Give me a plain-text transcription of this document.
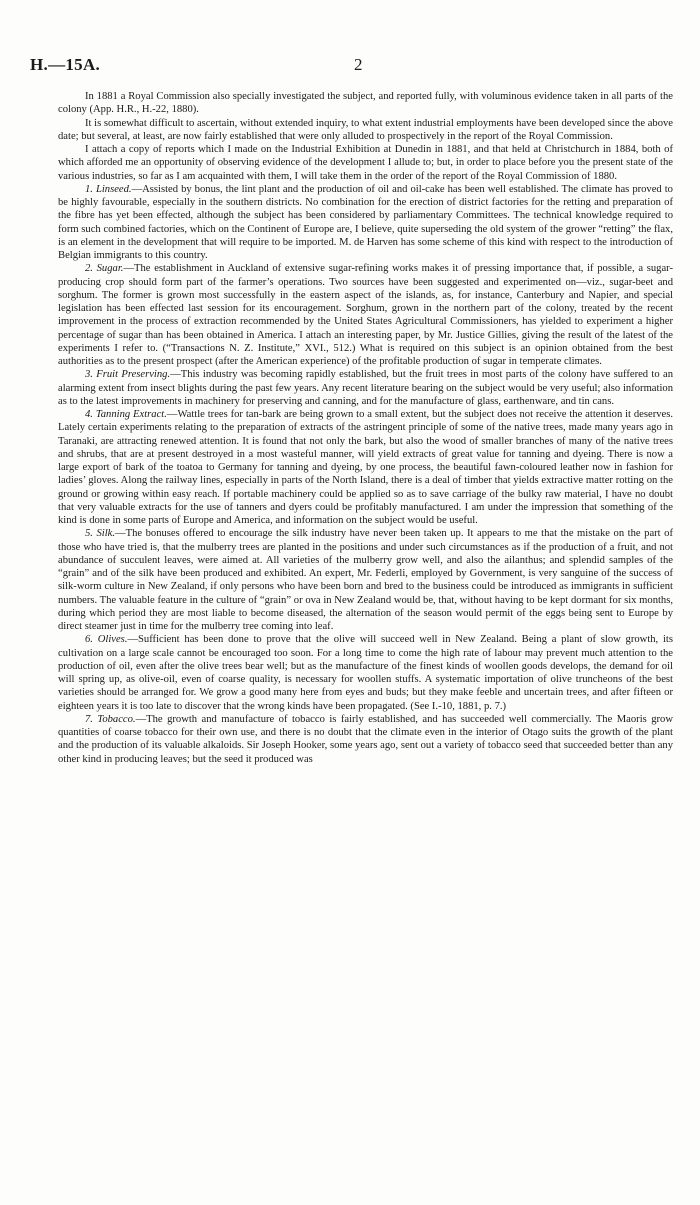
H.—15A.	2

In 1881 a Royal Commission also specially investigated the subject, and reported fully, with voluminous evidence taken in all parts of the colony (App. H.R., H.-22, 1880).

It is somewhat difficult to ascertain, without extended inquiry, to what extent industrial employments have been developed since the above date; but several, at least, are now fairly established that were only alluded to prospectively in the report of the Royal Commission.

I attach a copy of reports which I made on the Industrial Exhibition at Dunedin in 1881, and that held at Christchurch in 1884, both of which afforded me an opportunity of observing evidence of the development I allude to; but, in order to place before you the present state of the various industries, so far as I am acquainted with them, I will take them in the order of the report of the Royal Commission of 1880.

1. Linseed.—Assisted by bonus, the lint plant and the production of oil and oil-cake has been well established. The climate has proved to be highly favourable, especially in the southern districts. No combination for the erection of district factories for the retting and preparation of the fibre has yet been effected, although the subject has been considered by parliamentary Committees. The technical knowledge required to form such combined factories, which on the Continent of Europe are, I believe, quite superseding the old system of the grower “retting” the flax, is an element in the development that will require to be imported. M. de Harven has some scheme of this kind with respect to the introduction of Belgian immigrants to this country.

2. Sugar.—The establishment in Auckland of extensive sugar-refining works makes it of pressing importance that, if possible, a sugar-producing crop should form part of the farmer’s operations. Two sources have been suggested and experimented on—viz., sugar-beet and sorghum. The former is grown most successfully in the eastern aspect of the islands, as, for instance, Canterbury and Napier, and special legislation has been effected last session for its encouragement. Sorghum, grown in the northern part of the colony, treated by the recent improvement in the process of extraction recommended by the United States Agricultural Commissioners, has yielded to experiment a higher percentage of sugar than has been obtained in America. I attach an interesting paper, by Mr. Justice Gillies, giving the result of the latest of the experiments I refer to. (“Transactions N. Z. Institute,” XVI., 512.) What is required on this subject is an opinion obtained from the best authorities as to the present prospect (after the American experience) of the profitable production of sugar in temperate climates.

3. Fruit Preserving.—This industry was becoming rapidly established, but the fruit trees in most parts of the colony have suffered to an alarming extent from insect blights during the past few years. Any recent literature bearing on the subject would be very useful; also information as to the latest improvements in machinery for preserving and canning, and for the manufacture of glass, earthenware, and tin cans.

4. Tanning Extract.—Wattle trees for tan-bark are being grown to a small extent, but the subject does not receive the attention it deserves. Lately certain experiments relating to the preparation of extracts of the astringent principle of some of the native trees, made many years ago in Taranaki, are attracting renewed attention. It is found that not only the bark, but also the wood of smaller branches of many of the native trees and shrubs, that are at present destroyed in a most wasteful manner, will yield extracts of great value for tanning and dyeing. There is now a large export of bark of the toatoa to Germany for tanning and dyeing, by one process, the beautiful fawn-coloured leather now in fashion for ladies’ gloves. Along the railway lines, especially in parts of the North Island, there is a deal of timber that yields extractive matter rotting on the ground or growing within easy reach. If portable machinery could be applied so as to save carriage of the bulky raw material, I have no doubt that very valuable extracts for the use of tanners and dyers could be profitably manufactured. I am under the impression that something of the kind is done in some parts of Europe and America, and information on the subject would be useful.

5. Silk.—The bonuses offered to encourage the silk industry have never been taken up. It appears to me that the mistake on the part of those who have tried is, that the mulberry trees are planted in the positions and under such circumstances as if the production of a fruit, and not abundance of succulent leaves, were aimed at. All varieties of the mulberry grow well, and also the ailanthus; and splendid samples of the “grain” and of the silk have been produced and exhibited. An expert, Mr. Federli, employed by Government, is very sanguine of the success of silk-worm culture in New Zealand, if only persons who have been born and bred to the business could be introduced as immigrants in sufficient numbers. The valuable feature in the culture of “grain” or ova in New Zealand would be, that, without having to be kept dormant for six months, during which period they are most liable to become diseased, the alternation of the season would permit of the eggs being sent to Europe by direct steamer just in time for the mulberry tree coming into leaf.

6. Olives.—Sufficient has been done to prove that the olive will succeed well in New Zealand. Being a plant of slow growth, its cultivation on a large scale cannot be encouraged too soon. For a long time to come the high rate of labour may prevent much attention to the production of oil, even after the olive trees bear well; but as the manufacture of the finest kinds of woollen goods develops, the demand for oil will spring up, as olive-oil, even of coarse quality, is necessary for woollen stuffs. A systematic importation of olive truncheons of the best varieties should be arranged for. We grow a good many here from eyes and buds; but they make feeble and uncertain trees, and after fifteen or eighteen years it is too late to discover that the wrong kinds have been propagated. (See I.-10, 1881, p. 7.)

7. Tobacco.—The growth and manufacture of tobacco is fairly established, and has succeeded well commercially. The Maoris grow quantities of coarse tobacco for their own use, and there is no doubt that the climate even in the interior of Otago suits the growth of the plant and the production of its valuable alkaloids. Sir Joseph Hooker, some years ago, sent out a variety of tobacco seed that succeeded better than any other kind in producing leaves; but the seed it produced was
